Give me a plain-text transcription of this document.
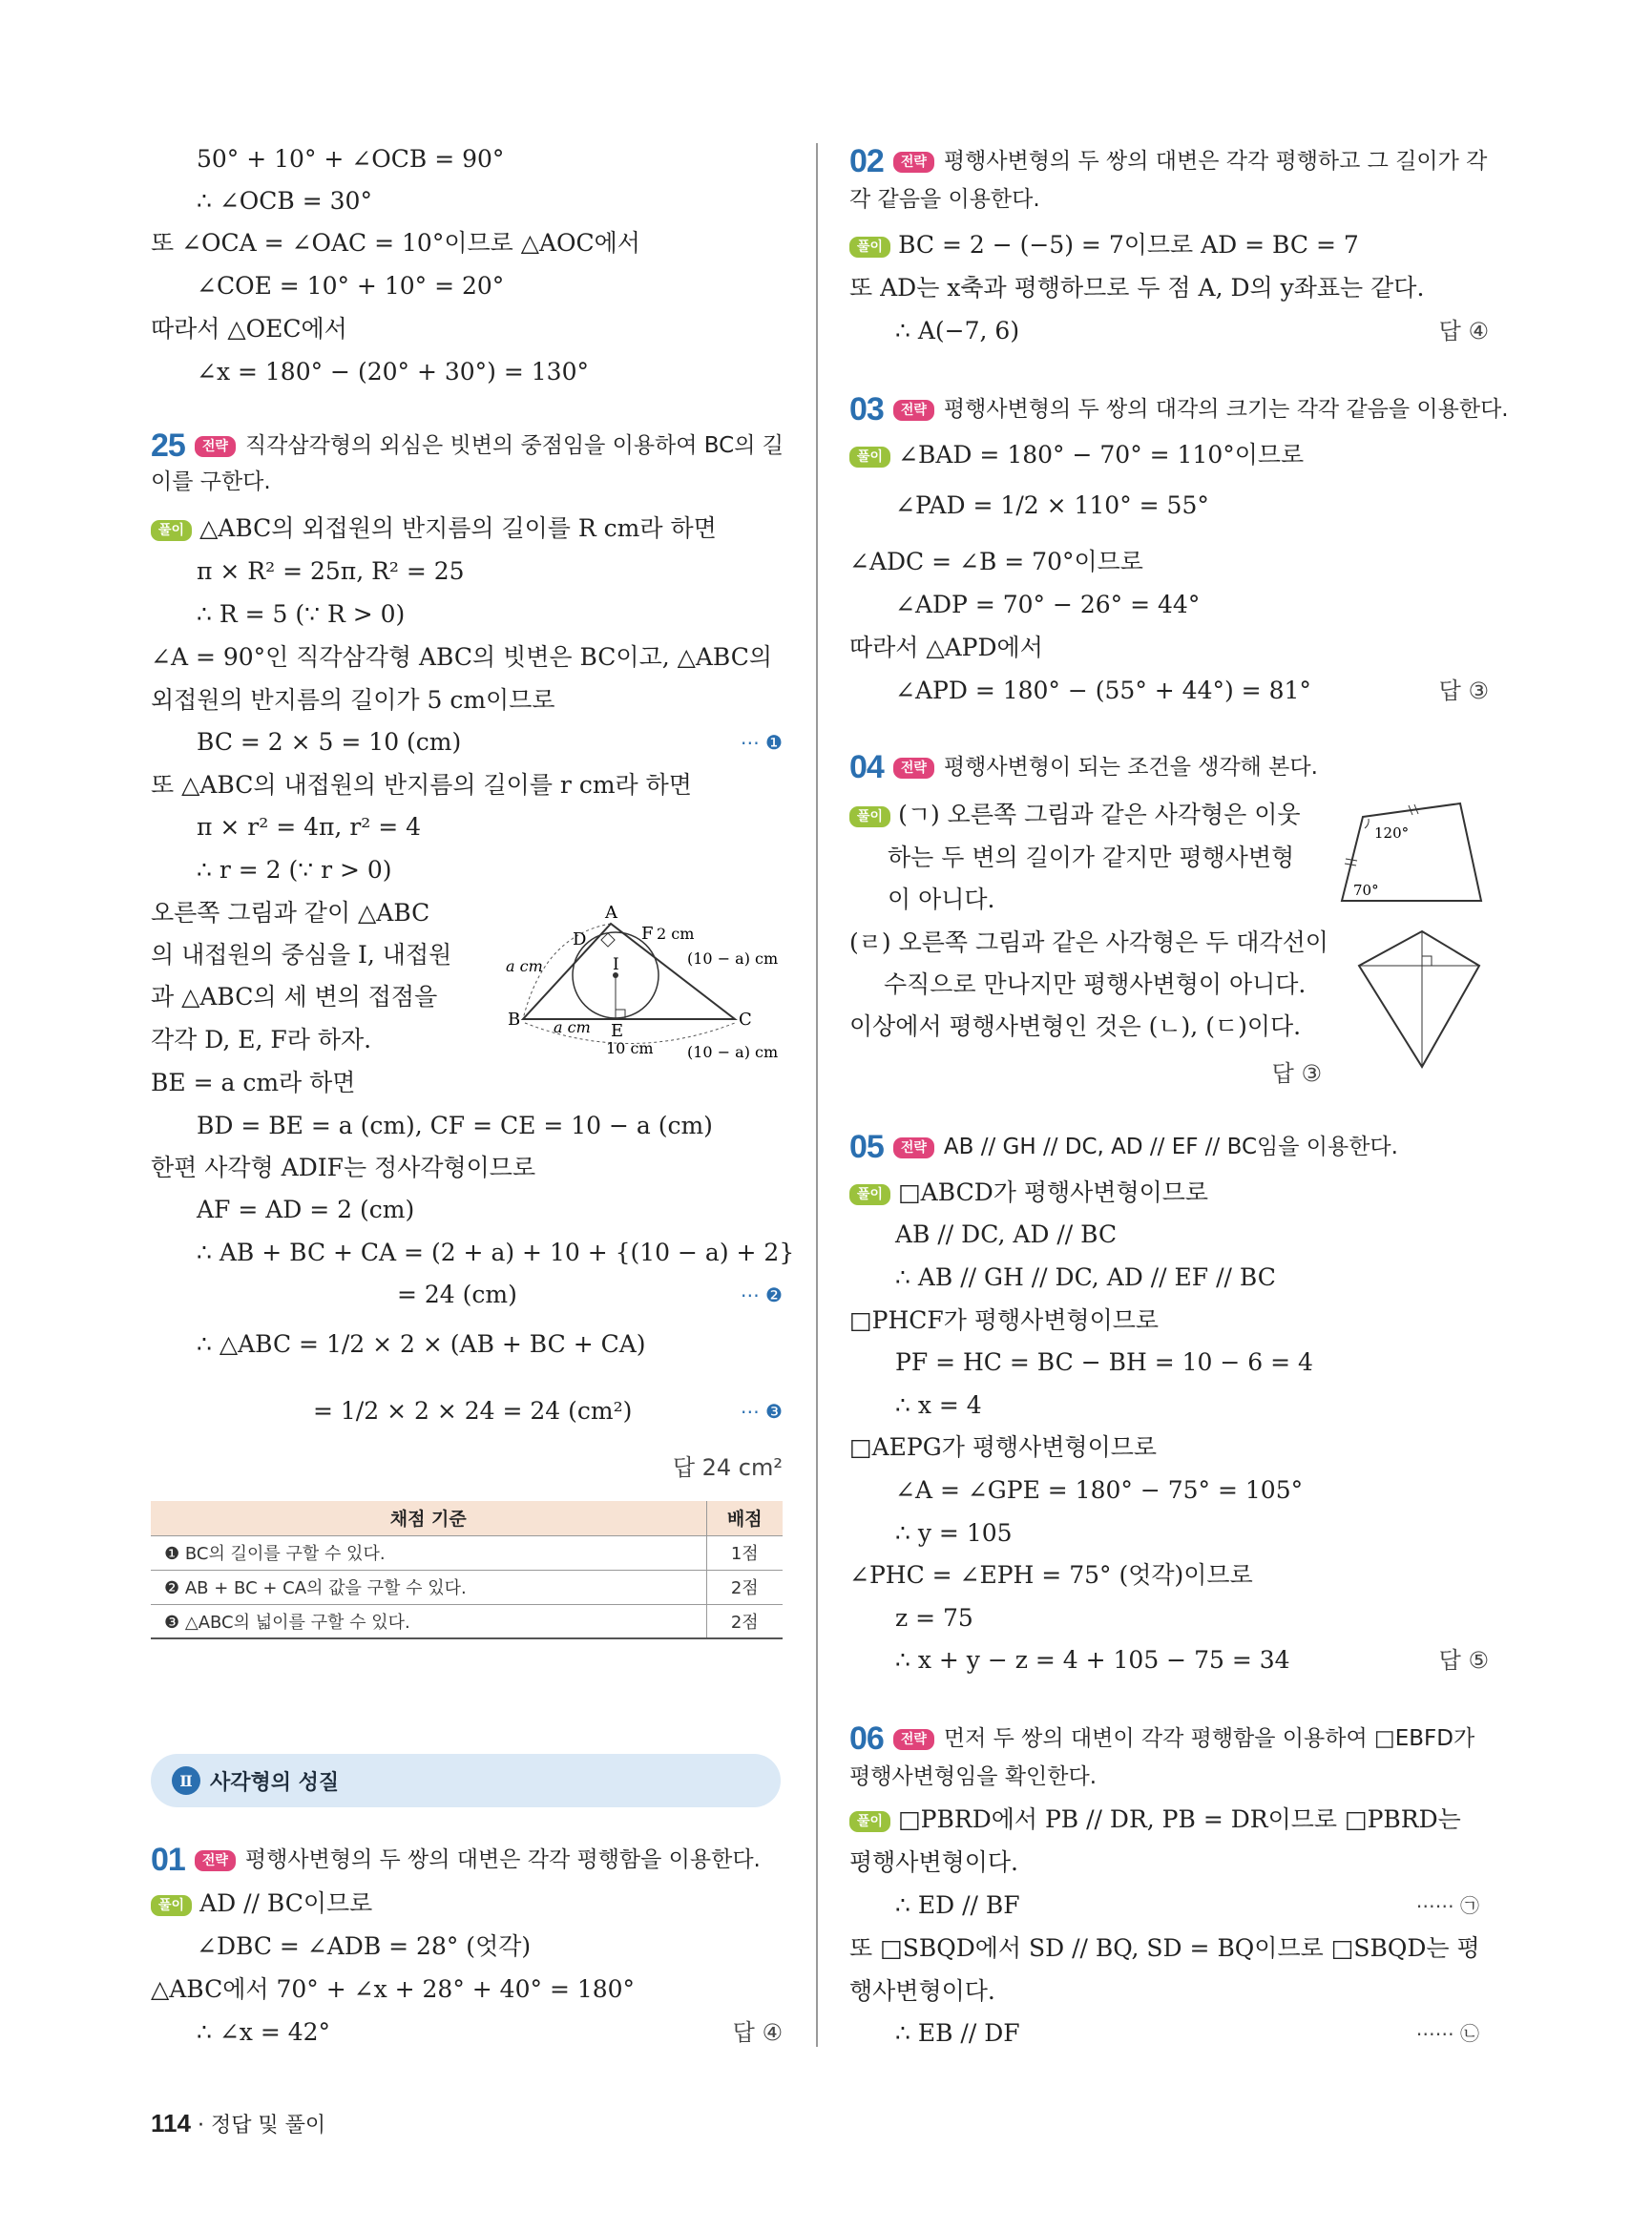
50° + 10° + ∠OCB = 90°
∴ ∠OCB = 30°
또 ∠OCA = ∠OAC = 10°이므로 △AOC에서
∠COE = 10° + 10° = 20°
따라서 △OEC에서
∠x = 180° − (20° + 30°) = 130°
25	전략 직각삼각형의 외심은 빗변의 중점임을 이용하여 BC의 길
이를 구한다.
풀이 △ABC의 외접원의 반지름의 길이를 R cm라 하면
π × R² = 25π, R² = 25
∴ R = 5 (∵ R > 0)
∠A = 90°인 직각삼각형 ABC의 빗변은 BC이고, △ABC의
외접원의 반지름의 길이가 5 cm이므로
BC = 2 × 5 = 10 (cm)	⋯ ❶
또 △ABC의 내접원의 반지름의 길이를 r cm라 하면
π × r² = 4π, r² = 4
∴ r = 2 (∵ r > 0)
오른쪽 그림과 같이 △ABC
의 내접원의 중심을 I, 내접원
과 △ABC의 세 변의 접점을
각각 D, E, F라 하자.
BE = a cm라 하면
BD = BE = a (cm), CF = CE = 10 − a (cm)
한편 사각형 ADIF는 정사각형이므로
AF = AD = 2 (cm)
∴ AB + BC + CA = (2 + a) + 10 + {(10 − a) + 2}
= 24 (cm)	⋯ ❷
∴ △ABC = 1/2 × 2 × (AB + BC + CA)
= 1/2 × 2 × 24 = 24 (cm²)	⋯ ❸
답 24 cm²
A
B	C
D
E
F
I
2 cm
a cm
a cm
(10 − a) cm
(10 − a) cm
10 cm
채점 기준	배점
❶ BC의 길이를 구할 수 있다.	1점
❷ AB + BC + CA의 값을 구할 수 있다.	2점
❸ △ABC의 넓이를 구할 수 있다.	2점
Ⅱ 사각형의 성질
01	전략 평행사변형의 두 쌍의 대변은 각각 평행함을 이용한다.
풀이 AD // BC이므로
∠DBC = ∠ADB = 28° (엇각)
△ABC에서 70° + ∠x + 28° + 40° = 180°
∴ ∠x = 42°	답 ④
02	전략 평행사변형의 두 쌍의 대변은 각각 평행하고 그 길이가 각
각 같음을 이용한다.
풀이 BC = 2 − (−5) = 7이므로 AD = BC = 7
또 AD는 x축과 평행하므로 두 점 A, D의 y좌표는 같다.
∴ A(−7, 6)	답 ④
03	전략 평행사변형의 두 쌍의 대각의 크기는 각각 같음을 이용한다.
풀이 ∠BAD = 180° − 70° = 110°이므로
∠PAD = 1/2 × 110° = 55°
∠ADC = ∠B = 70°이므로
∠ADP = 70° − 26° = 44°
따라서 △APD에서
∠APD = 180° − (55° + 44°) = 81°	답 ③
04	전략 평행사변형이 되는 조건을 생각해 본다.
풀이 (ㄱ) 오른쪽 그림과 같은 사각형은 이웃
하는 두 변의 길이가 같지만 평행사변형
이 아니다.
(ㄹ) 오른쪽 그림과 같은 사각형은 두 대각선이
수직으로 만나지만 평행사변형이 아니다.
이상에서 평행사변형인 것은 (ㄴ), (ㄷ)이다.
답 ③
120°
70°
05	전략 AB // GH // DC, AD // EF // BC임을 이용한다.
풀이 □ABCD가 평행사변형이므로
AB // DC, AD // BC
∴ AB // GH // DC, AD // EF // BC
□PHCF가 평행사변형이므로
PF = HC = BC − BH = 10 − 6 = 4
∴ x = 4
□AEPG가 평행사변형이므로
∠A = ∠GPE = 180° − 75° = 105°
∴ y = 105
∠PHC = ∠EPH = 75° (엇각)이므로
z = 75
∴ x + y − z = 4 + 105 − 75 = 34	답 ⑤
06	전략 먼저 두 쌍의 대변이 각각 평행함을 이용하여 □EBFD가
평행사변형임을 확인한다.
풀이 □PBRD에서 PB // DR, PB = DR이므로 □PBRD는
평행사변형이다.
∴ ED // BF	⋯⋯ ㉠
또 □SBQD에서 SD // BQ, SD = BQ이므로 □SBQD는 평
행사변형이다.
∴ EB // DF	⋯⋯ ㉡
114 · 정답 및 풀이
